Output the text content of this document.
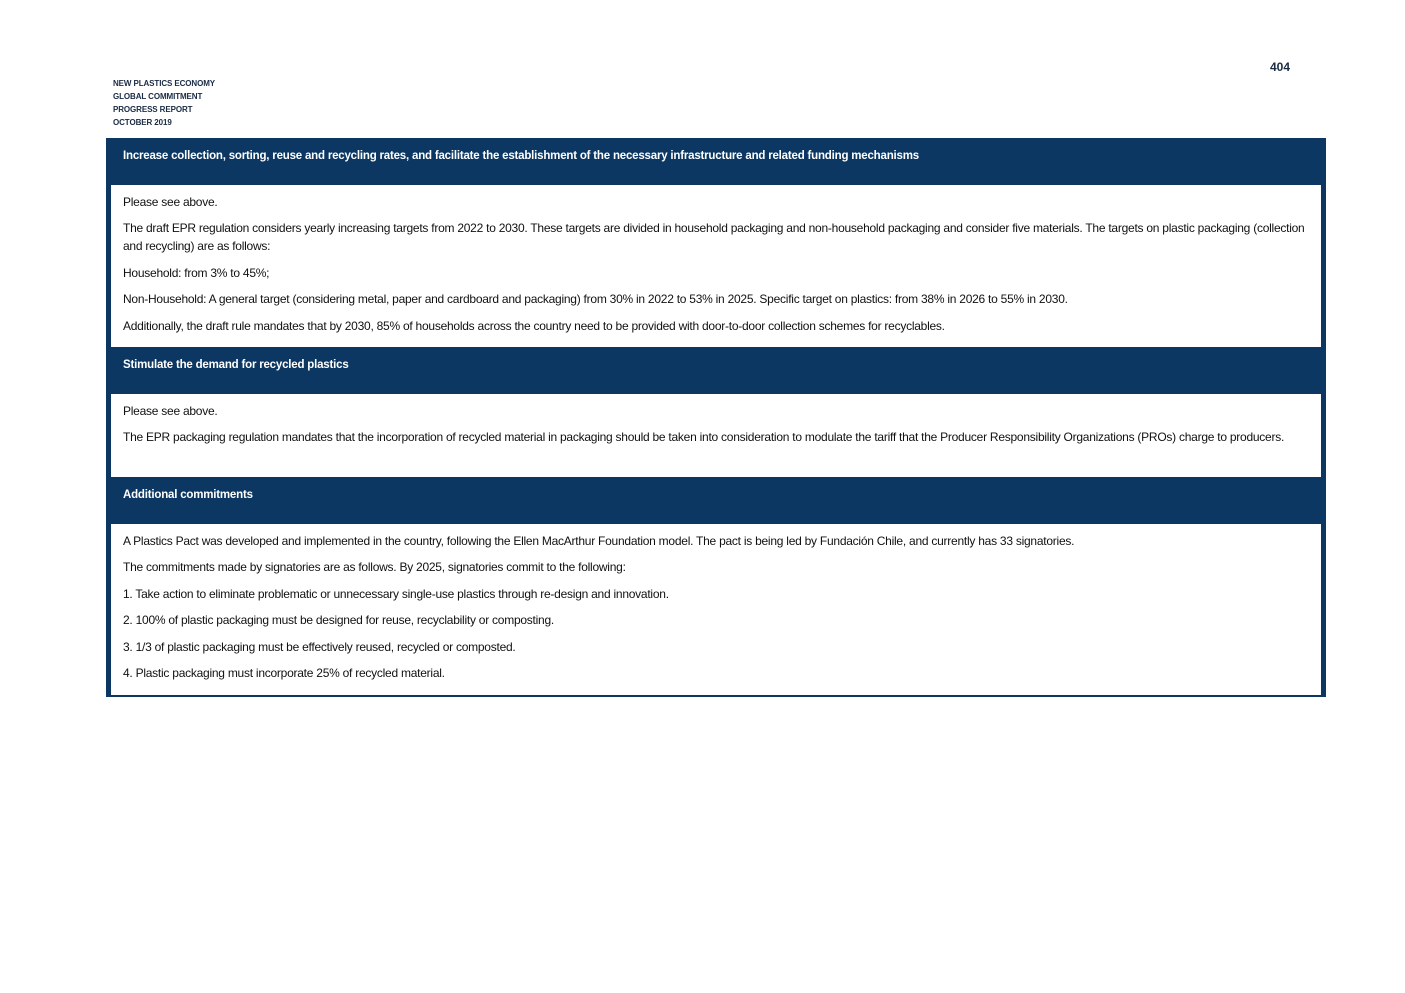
404
NEW PLASTICS ECONOMY
GLOBAL COMMITMENT
PROGRESS REPORT
OCTOBER 2019
Increase collection, sorting, reuse and recycling rates, and facilitate the establishment of the necessary infrastructure and related funding mechanisms

Please see above.

The draft EPR regulation considers yearly increasing targets from 2022 to 2030. These targets are divided in household packaging and non-household packaging and consider five materials. The targets on plastic packaging (collection and recycling) are as follows:

Household: from 3% to 45%;

Non-Household: A general target (considering metal, paper and cardboard and packaging) from 30% in 2022 to 53% in 2025. Specific target on plastics: from 38% in 2026 to 55% in 2030.

Additionally, the draft rule mandates that by 2030, 85% of households across the country need to be provided with door-to-door collection schemes for recyclables.

Stimulate the demand for recycled plastics

Please see above.

The EPR packaging regulation mandates that the incorporation of recycled material in packaging should be taken into consideration to modulate the tariff that the Producer Responsibility Organizations (PROs) charge to producers.

Additional commitments

A Plastics Pact was developed and implemented in the country, following the Ellen MacArthur Foundation model. The pact is being led by Fundación Chile, and currently has 33 signatories.

The commitments made by signatories are as follows. By 2025, signatories commit to the following:

1. Take action to eliminate problematic or unnecessary single-use plastics through re-design and innovation.

2. 100% of plastic packaging must be designed for reuse, recyclability or composting.

3. 1/3 of plastic packaging must be effectively reused, recycled or composted.

4. Plastic packaging must incorporate 25% of recycled material.
